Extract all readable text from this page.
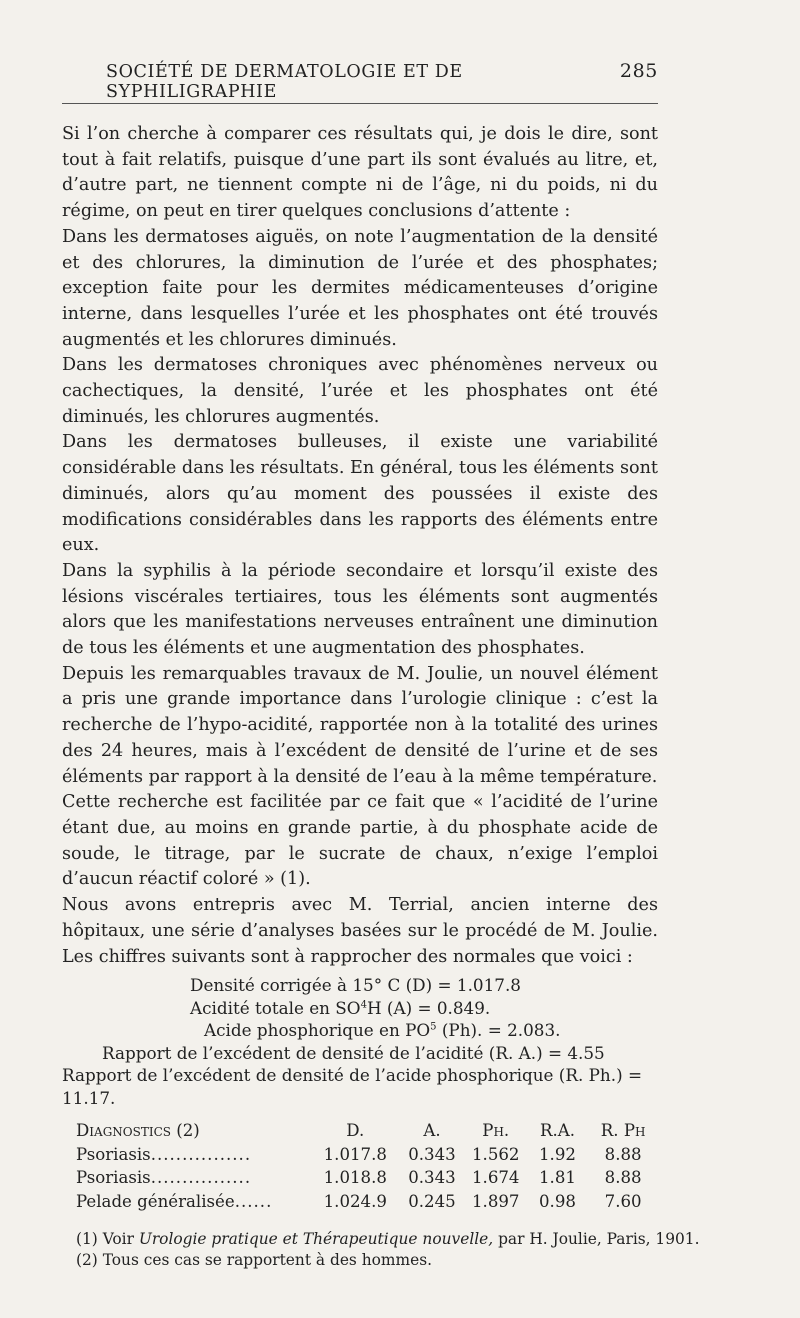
SOCIÉTÉ DE DERMATOLOGIE ET DE SYPHILIGRAPHIE
285

Si l’on cherche à comparer ces résultats qui, je dois le dire, sont tout à fait relatifs, puisque d’une part ils sont évalués au litre, et, d’autre part, ne tiennent compte ni de l’âge, ni du poids, ni du régime, on peut en tirer quelques conclusions d’attente :

Dans les dermatoses aiguës, on note l’augmentation de la densité et des chlorures, la diminution de l’urée et des phosphates; exception faite pour les dermites médicamenteuses d’origine interne, dans lesquelles l’urée et les phosphates ont été trouvés augmentés et les chlorures diminués.

Dans les dermatoses chroniques avec phénomènes nerveux ou cachectiques, la densité, l’urée et les phosphates ont été diminués, les chlorures augmentés.

Dans les dermatoses bulleuses, il existe une variabilité considérable dans les résultats. En général, tous les éléments sont diminués, alors qu’au moment des poussées il existe des modifications considérables dans les rapports des éléments entre eux.

Dans la syphilis à la période secondaire et lorsqu’il existe des lésions viscérales tertiaires, tous les éléments sont augmentés alors que les manifestations nerveuses entraînent une diminution de tous les éléments et une augmentation des phosphates.

Depuis les remarquables travaux de M. Joulie, un nouvel élément a pris une grande importance dans l’urologie clinique : c’est la recherche de l’hypo-acidité, rapportée non à la totalité des urines des 24 heures, mais à l’excédent de densité de l’urine et de ses éléments par rapport à la densité de l’eau à la même température.

Cette recherche est facilitée par ce fait que « l’acidité de l’urine étant due, au moins en grande partie, à du phosphate acide de soude, le titrage, par le sucrate de chaux, n’exige l’emploi d’aucun réactif coloré » (1).

Nous avons entrepris avec M. Terrial, ancien interne des hôpitaux, une série d’analyses basées sur le procédé de M. Joulie. Les chiffres suivants sont à rapprocher des normales que voici :

Densité corrigée à 15° C (D) = 1.017.8
Acidité totale en $SO^4H$ (A) = 0.849.
Acide phosphorique en $PO^5$ (Ph). = 2.083.
Rapport de l’excédent de densité de l’acidité (R. A.) = 4.55
Rapport de l’excédent de densité de l’acide phosphorique (R. Ph.) =
11.17.
Diagnostics (2)	D.	A.	Ph.	R.A.	R. Ph
Psoriasis................	1.017.8	0.343	1.562	1.92	8.88
Psoriasis................	1.018.8	0.343	1.674	1.81	8.88
Pelade généralisée......	1.024.9	0.245	1.897	0.98	7.60
(1) Voir Urologie pratique et Thérapeutique nouvelle, par H. Joulie, Paris, 1901.
(2) Tous ces cas se rapportent à des hommes.
